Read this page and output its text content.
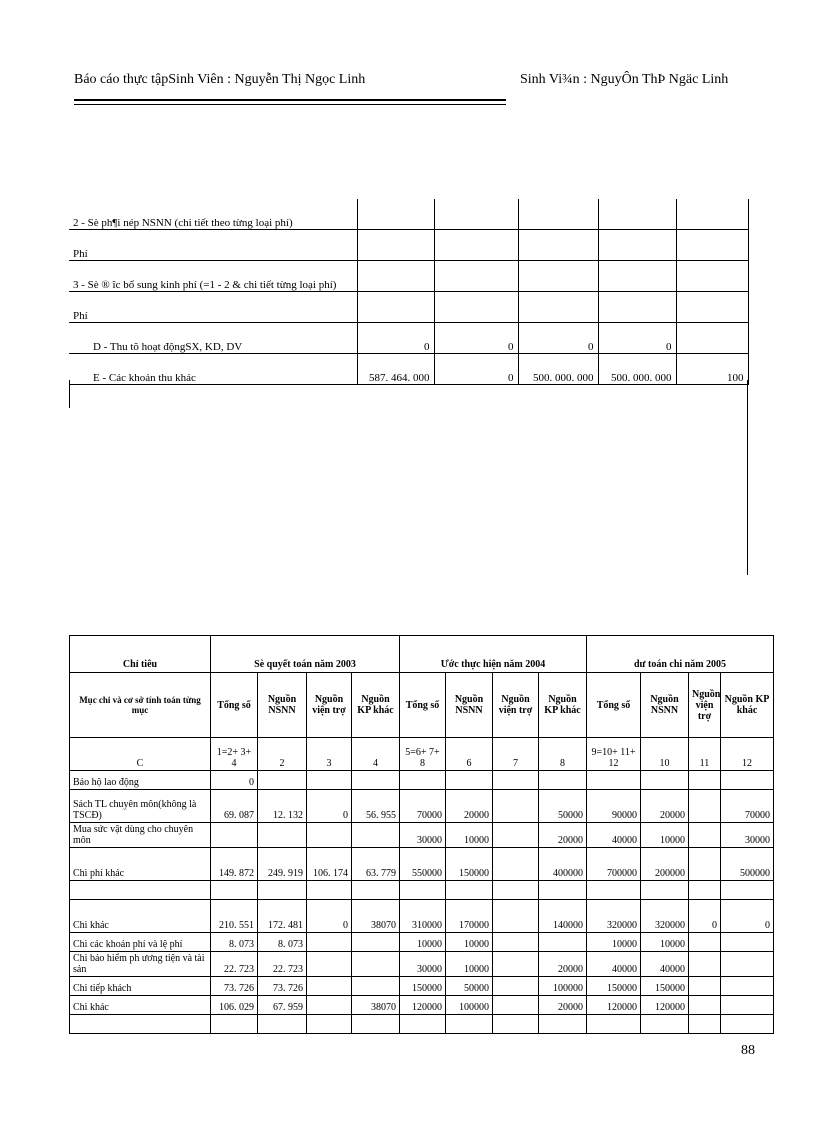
Báo cáo thực tậpSinh Viên : Nguyễn Thị Ngọc Linh	Sinh Vi¾n : NguyÔn ThÞ Ngäc Linh
2 - Sè ph¶i nép NSNN (chi tiết theo từng loại phí)					
Phí					
3 - Sè ® îc bổ sung kinh phí (=1 - 2 & chi tiết từng loại phí)					
Phí					
D - Thu tõ hoạt độngSX, KD, DV	0	0	0	0	
E - Các khoản thu khác	587. 464. 000	0	500. 000. 000	500. 000. 000	100
Chỉ tiêu	Sè quyết toán năm 2003				Ước thực hiện năm 2004				dư toán chi năm 2005			
Mục chi và cơ sở tính toán từng mục	Tổng số	Nguồn NSNN	Nguồn viện trợ	Nguồn KP khác	Tổng số	Nguồn NSNN	Nguồn viện trợ	Nguồn KP khác	Tổng số	Nguồn NSNN	Nguồn viện trợ	Nguồn KP khác
C	1=2+ 3+ 4	2	3	4	5=6+ 7+ 8	6	7	8	9=10+ 11+ 12	10	11	12
Bảo hộ lao động	0											
Sách TL chuyên môn(không là TSCĐ)	69. 087	12. 132	0	56. 955	70000	20000		50000	90000	20000		70000
Mua sức vật dùng cho chuyên môn					30000	10000		20000	40000	10000		30000
Chi phí khác	149. 872	249. 919	106. 174	63. 779	550000	150000		400000	700000	200000		500000

Chi khác	210. 551	172. 481	0	38070	310000	170000		140000	320000	320000	0	0
Chi các khoản phí và lệ phí	8. 073	8. 073			10000	10000			10000	10000		
Chi bảo hiểm ph ương tiện và tài sản	22. 723	22. 723			30000	10000		20000	40000	40000		
Chi tiếp khách	73. 726	73. 726			150000	50000		100000	150000	150000		
Chi khác	106. 029	67. 959		38070	120000	100000		20000	120000	120000		

88
